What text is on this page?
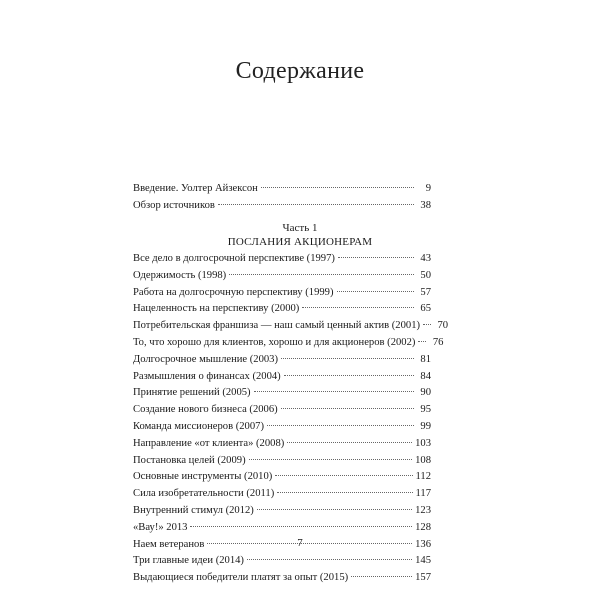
Содержание
Введение. Уолтер Айзексон	9
Обзор источников	38
Часть 1
ПОСЛАНИЯ АКЦИОНЕРАМ
Все дело в долгосрочной перспективе (1997)	43
Одержимость (1998)	50
Работа на долгосрочную перспективу (1999)	57
Нацеленность на перспективу (2000)	65
Потребительская франшиза — наш самый ценный актив (2001)	70
То, что хорошо для клиентов, хорошо и для акционеров (2002)	76
Долгосрочное мышление (2003)	81
Размышления о финансах (2004)	84
Принятие решений (2005)	90
Создание нового бизнеса (2006)	95
Команда миссионеров (2007)	99
Направление «от клиента» (2008)	103
Постановка целей (2009)	108
Основные инструменты (2010)	112
Сила изобретательности (2011)	117
Внутренний стимул (2012)	123
«Вау!» 2013	128
Наем ветеранов	136
Три главные идеи (2014)	145
Выдающиеся победители платят за опыт (2015)	157
7
